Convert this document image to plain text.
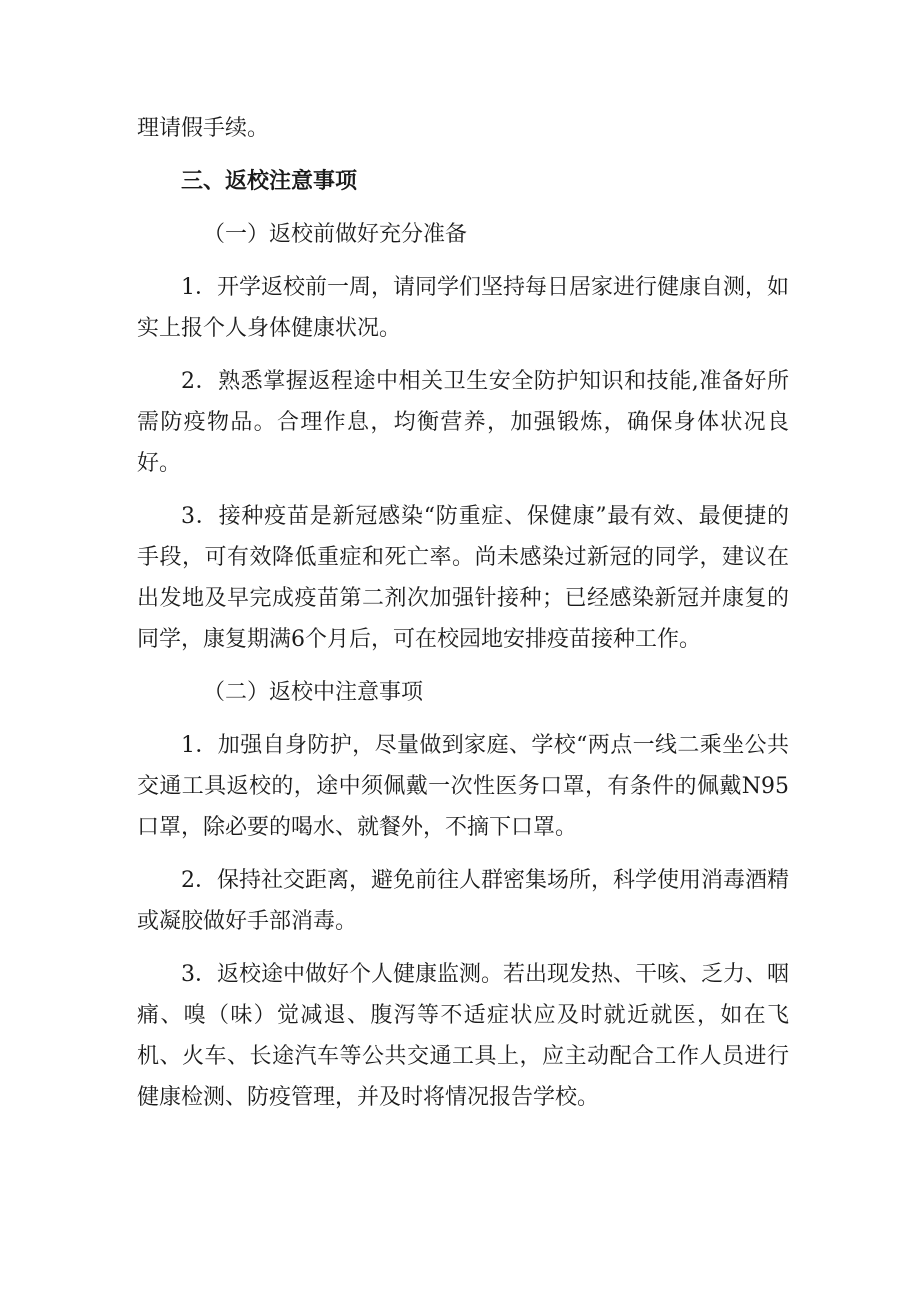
理请假手续。

三、返校注意事项

（一）返校前做好充分准备

1．开学返校前一周，请同学们坚持每日居家进行健康自测，如实上报个人身体健康状况。

2．熟悉掌握返程途中相关卫生安全防护知识和技能,准备好所需防疫物品。合理作息，均衡营养，加强锻炼，确保身体状况良好。

3．接种疫苗是新冠感染“防重症、保健康”最有效、最便捷的手段，可有效降低重症和死亡率。尚未感染过新冠的同学，建议在出发地及早完成疫苗第二剂次加强针接种；已经感染新冠并康复的同学，康复期满6个月后，可在校园地安排疫苗接种工作。

（二）返校中注意事项

1．加强自身防护，尽量做到家庭、学校“两点一线二乘坐公共交通工具返校的，途中须佩戴一次性医务口罩，有条件的佩戴N95口罩，除必要的喝水、就餐外，不摘下口罩。

2．保持社交距离，避免前往人群密集场所，科学使用消毒酒精或凝胶做好手部消毒。

3．返校途中做好个人健康监测。若出现发热、干咳、乏力、咽痛、嗅（味）觉减退、腹泻等不适症状应及时就近就医，如在飞机、火车、长途汽车等公共交通工具上，应主动配合工作人员进行健康检测、防疫管理，并及时将情况报告学校。
